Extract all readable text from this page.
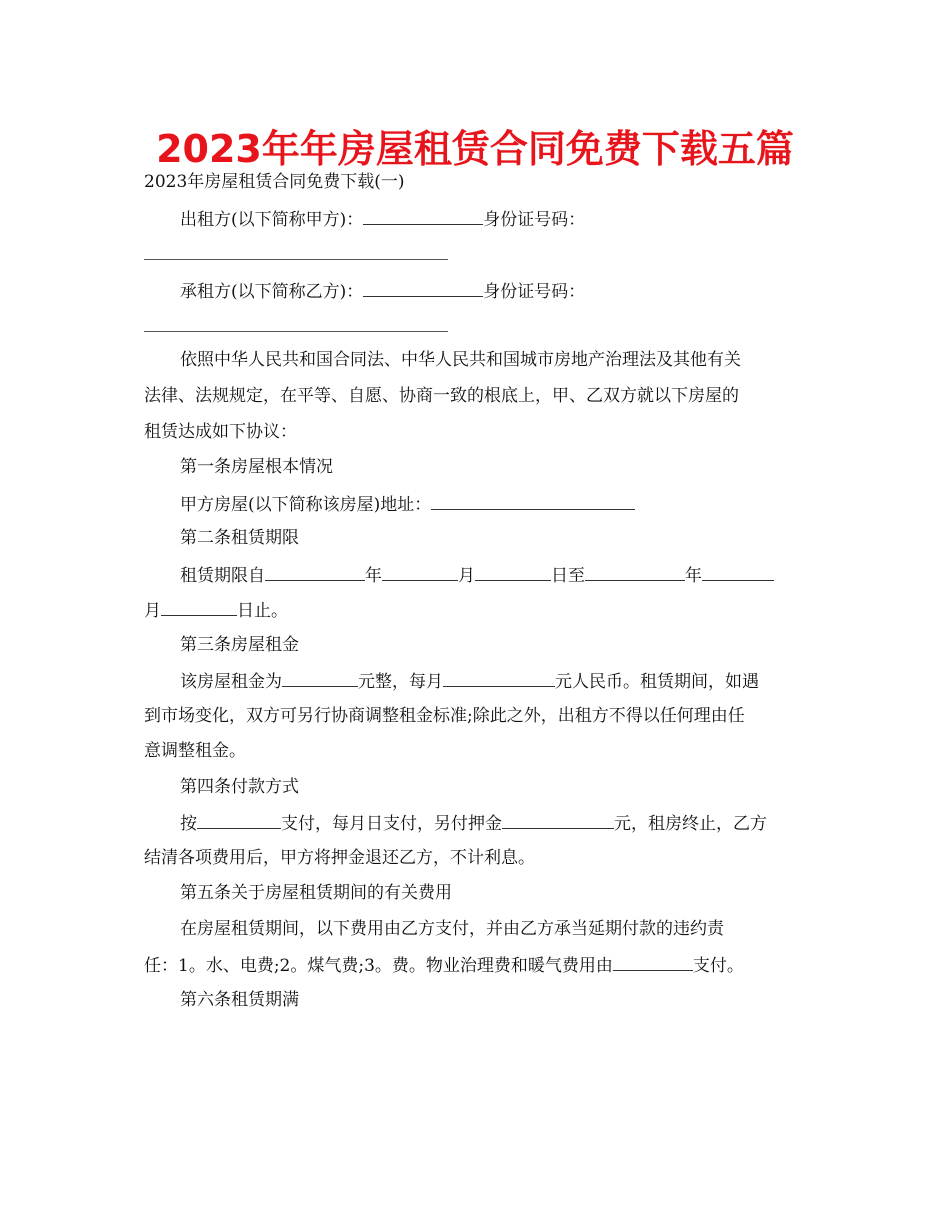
2023年年房屋租赁合同免费下载五篇
2023年房屋租赁合同免费下载(一)
出租方(以下简称甲方)：	身份证号码：
承租方(以下简称乙方)：	身份证号码：
依照中华人民共和国合同法、中华人民共和国城市房地产治理法及其他有关
法律、法规规定，在平等、自愿、协商一致的根底上，甲、乙双方就以下房屋的
租赁达成如下协议：
第一条房屋根本情况
甲方房屋(以下简称该房屋)地址：
第二条租赁期限
租赁期限自	年	月	日至	年
月	日止。
第三条房屋租金
该房屋租金为	元整，每月	元人民币。租赁期间，如遇
到市场变化，双方可另行协商调整租金标准;除此之外，出租方不得以任何理由任
意调整租金。
第四条付款方式
按	支付，每月日支付，另付押金	元，租房终止，乙方
结清各项费用后，甲方将押金退还乙方，不计利息。
第五条关于房屋租赁期间的有关费用
在房屋租赁期间，以下费用由乙方支付，并由乙方承当延期付款的违约责
任：1。水、电费;2。煤气费;3。费。物业治理费和暖气费用由	支付。
第六条租赁期满
